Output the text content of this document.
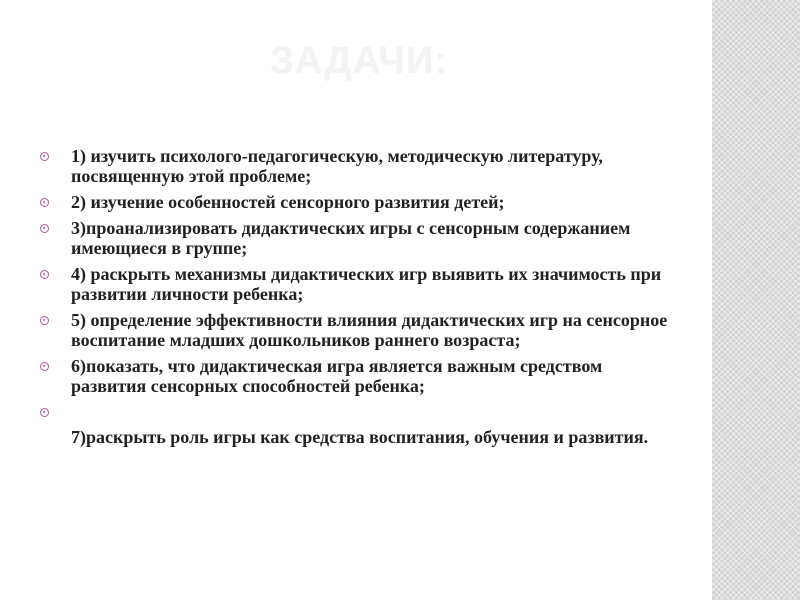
ЗАДАЧИ:
1) изучить психолого-педагогическую, методическую литературу, посвященную этой проблеме;
2) изучение особенностей сенсорного развития детей;
3)проанализировать дидактических игры с сенсорным содержанием имеющиеся в группе;
4) раскрыть механизмы дидактических игр выявить их значимость при развитии личности ребенка;
5) определение эффективности влияния дидактических игр на сенсорное воспитание младших дошкольников раннего возраста;
6)показать, что дидактическая игра является важным средством развития сенсорных способностей ребенка;
7)раскрыть роль игры как средства воспитания, обучения и развития.
